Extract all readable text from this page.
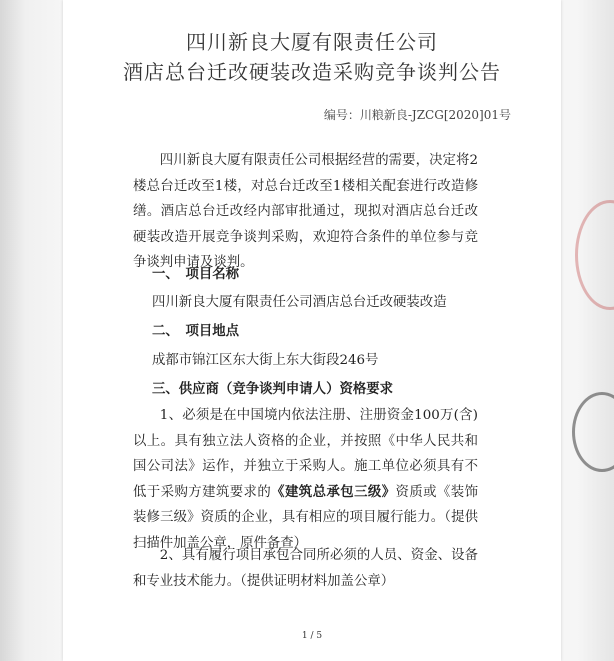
四川新良大厦有限责任公司
酒店总台迁改硬装改造采购竞争谈判公告
编号：川粮新良-JZCG[2020]01号
四川新良大厦有限责任公司根据经营的需要，决定将2楼总台迁改至1楼，对总台迁改至1楼相关配套进行改造修缮。酒店总台迁改经内部审批通过，现拟对酒店总台迁改硬装改造开展竞争谈判采购，欢迎符合条件的单位参与竞争谈判申请及谈判。
一、　项目名称
四川新良大厦有限责任公司酒店总台迁改硬装改造
二、　项目地点
成都市锦江区东大街上东大街段246号
三、供应商（竞争谈判申请人）资格要求
1、必须是在中国境内依法注册、注册资金100万(含)以上。具有独立法人资格的企业，并按照《中华人民共和国公司法》运作，并独立于采购人。施工单位必须具有不低于采购方建筑要求的《建筑总承包三级》资质或《装饰装修三级》资质的企业，具有相应的项目履行能力。（提供扫描件加盖公章，原件备查）
2、具有履行项目承包合同所必须的人员、资金、设备和专业技术能力。（提供证明材料加盖公章）
1 / 5
